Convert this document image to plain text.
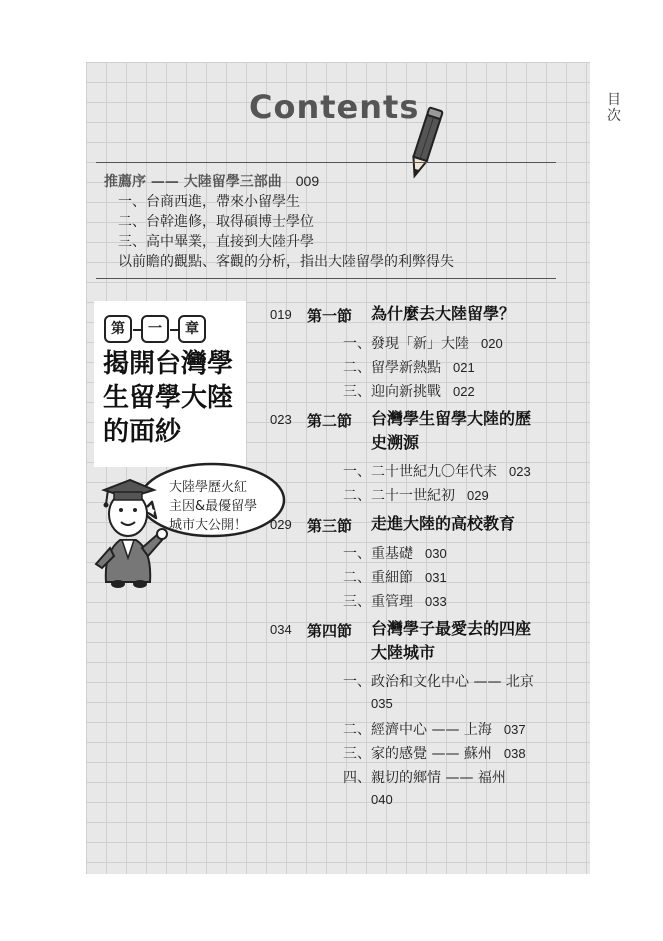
目次
Contents
推薦序 —— 大陸留學三部曲 009
一、台商西進，帶來小留學生
二、台幹進修，取得碩博士學位
三、高中畢業，直接到大陸升學
以前瞻的觀點、客觀的分析，指出大陸留學的利弊得失
第	一	章
揭開台灣學
生留學大陸
的面紗
大陸學歷火紅
主因&最優留學
城市大公開！
019 第一節 為什麼去大陸留學？
一、發現「新」大陸 020
二、留學新熱點 021
三、迎向新挑戰 022
023 第二節 台灣學生留學大陸的歷
史溯源
一、二十世紀九〇年代末 023
二、二十一世紀初 029
029 第三節 走進大陸的高校教育
一、重基礎 030
二、重細節 031
三、重管理 033
034 第四節 台灣學子最愛去的四座
大陸城市
一、政治和文化中心 —— 北京
035
二、經濟中心 —— 上海 037
三、家的感覺 —— 蘇州 038
四、親切的鄉情 —— 福州
040
